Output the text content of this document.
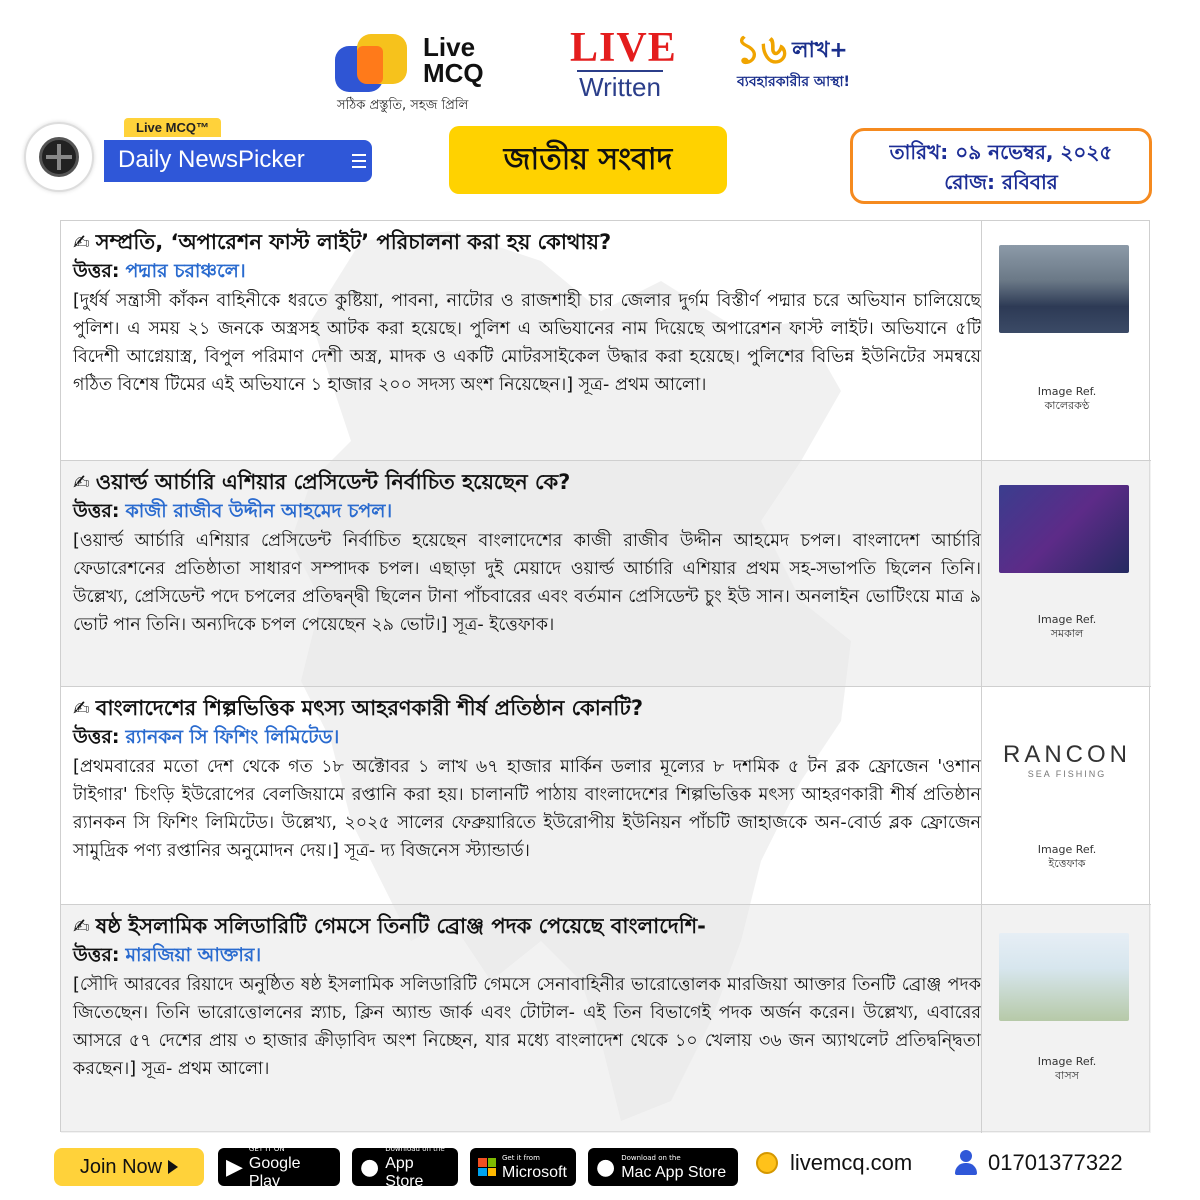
Live
MCQ
সঠিক প্রস্তুতি, সহজ প্রিলি
LIVE
Written
১৬ লাখ+
ব্যবহারকারীর আস্থা!
Live MCQ™
Daily NewsPicker	জাতীয় সংবাদ	তারিখ: ০৯ নভেম্বর, ২০২৫
রোজ: রবিবার
✍ সম্প্রতি, ‘অপারেশন ফাস্ট লাইট’ পরিচালনা করা হয় কোথায়?
উত্তর: পদ্মার চরাঞ্চলে।
[দুর্ধর্ষ সন্ত্রাসী কাঁকন বাহিনীকে ধরতে কুষ্টিয়া, পাবনা, নাটোর ও রাজশাহী চার জেলার দুর্গম বিস্তীর্ণ পদ্মার চরে অভিযান চালিয়েছে পুলিশ। এ সময় ২১ জনকে অস্ত্রসহ আটক করা হয়েছে। পুলিশ এ অভিযানের নাম দিয়েছে অপারেশন ফাস্ট লাইট। অভিযানে ৫টি বিদেশী আগ্নেয়াস্ত্র, বিপুল পরিমাণ দেশী অস্ত্র, মাদক ও একটি মোটরসাইকেল উদ্ধার করা হয়েছে। পুলিশের বিভিন্ন ইউনিটের সমন্বয়ে গঠিত বিশেষ টিমের এই অভিযানে ১ হাজার ২০০ সদস্য অংশ নিয়েছেন।] সূত্র- প্রথম আলো।	Image Ref.
কালেরকণ্ঠ
✍ ওয়ার্ল্ড আর্চারি এশিয়ার প্রেসিডেন্ট নির্বাচিত হয়েছেন কে?
উত্তর: কাজী রাজীব উদ্দীন আহমেদ চপল।
[ওয়ার্ল্ড আর্চারি এশিয়ার প্রেসিডেন্ট নির্বাচিত হয়েছেন বাংলাদেশের কাজী রাজীব উদ্দীন আহমেদ চপল। বাংলাদেশ আর্চারি ফেডারেশনের প্রতিষ্ঠাতা সাধারণ সম্পাদক চপল। এছাড়া দুই মেয়াদে ওয়ার্ল্ড আর্চারি এশিয়ার প্রথম সহ-সভাপতি ছিলেন তিনি। উল্লেখ্য, প্রেসিডেন্ট পদে চপলের প্রতিদ্বন্দ্বী ছিলেন টানা পাঁচবারের এবং বর্তমান প্রেসিডেন্ট চুং ইউ সান। অনলাইন ভোটিংয়ে মাত্র ৯ ভোট পান তিনি। অন্যদিকে চপল পেয়েছেন ২৯ ভোট।] সূত্র- ইত্তেফাক।	Image Ref.
সমকাল
✍ বাংলাদেশের শিল্পভিত্তিক মৎস্য আহরণকারী শীর্ষ প্রতিষ্ঠান কোনটি?
উত্তর: র‍্যানকন সি ফিশিং লিমিটেড।
[প্রথমবারের মতো দেশ থেকে গত ১৮ অক্টোবর ১ লাখ ৬৭ হাজার মার্কিন ডলার মূল্যের ৮ দশমিক ৫ টন ব্লক ফ্রোজেন 'ওশান টাইগার' চিংড়ি ইউরোপের বেলজিয়ামে রপ্তানি করা হয়। চালানটি পাঠায় বাংলাদেশের শিল্পভিত্তিক মৎস্য আহরণকারী শীর্ষ প্রতিষ্ঠান র‍্যানকন সি ফিশিং লিমিটেড। উল্লেখ্য, ২০২৫ সালের ফেব্রুয়ারিতে ইউরোপীয় ইউনিয়ন পাঁচটি জাহাজকে অন-বোর্ড ব্লক ফ্রোজেন সামুদ্রিক পণ্য রপ্তানির অনুমোদন দেয়।] সূত্র- দ্য বিজনেস স্ট্যান্ডার্ড।
RANCON
SEA FISHING
Image Ref.
ইত্তেফাক
✍ ষষ্ঠ ইসলামিক সলিডারিটি গেমসে তিনটি ব্রোঞ্জ পদক পেয়েছে বাংলাদেশি-
উত্তর: মারজিয়া আক্তার।
[সৌদি আরবের রিয়াদে অনুষ্ঠিত ষষ্ঠ ইসলামিক সলিডারিটি গেমসে সেনাবাহিনীর ভারোত্তোলক মারজিয়া আক্তার তিনটি ব্রোঞ্জ পদক জিতেছেন। তিনি ভারোত্তোলনের স্ন্যাচ, ক্লিন অ্যান্ড জার্ক এবং টোটাল- এই তিন বিভাগেই পদক অর্জন করেন। উল্লেখ্য, এবারের আসরে ৫৭ দেশের প্রায় ৩ হাজার ক্রীড়াবিদ অংশ নিচ্ছেন, যার মধ্যে বাংলাদেশ থেকে ১০ খেলায় ৩৬ জন অ্যাথলেট প্রতিদ্বন্দ্বিতা করছেন।] সূত্র- প্রথম আলো।	Image Ref.
বাসস
Join Now	▶
GET IT ON
Google Play
●
Download on the
App Store
Get it from
Microsoft ● Download on the
Mac App Store	livemcq.com	01701377322
